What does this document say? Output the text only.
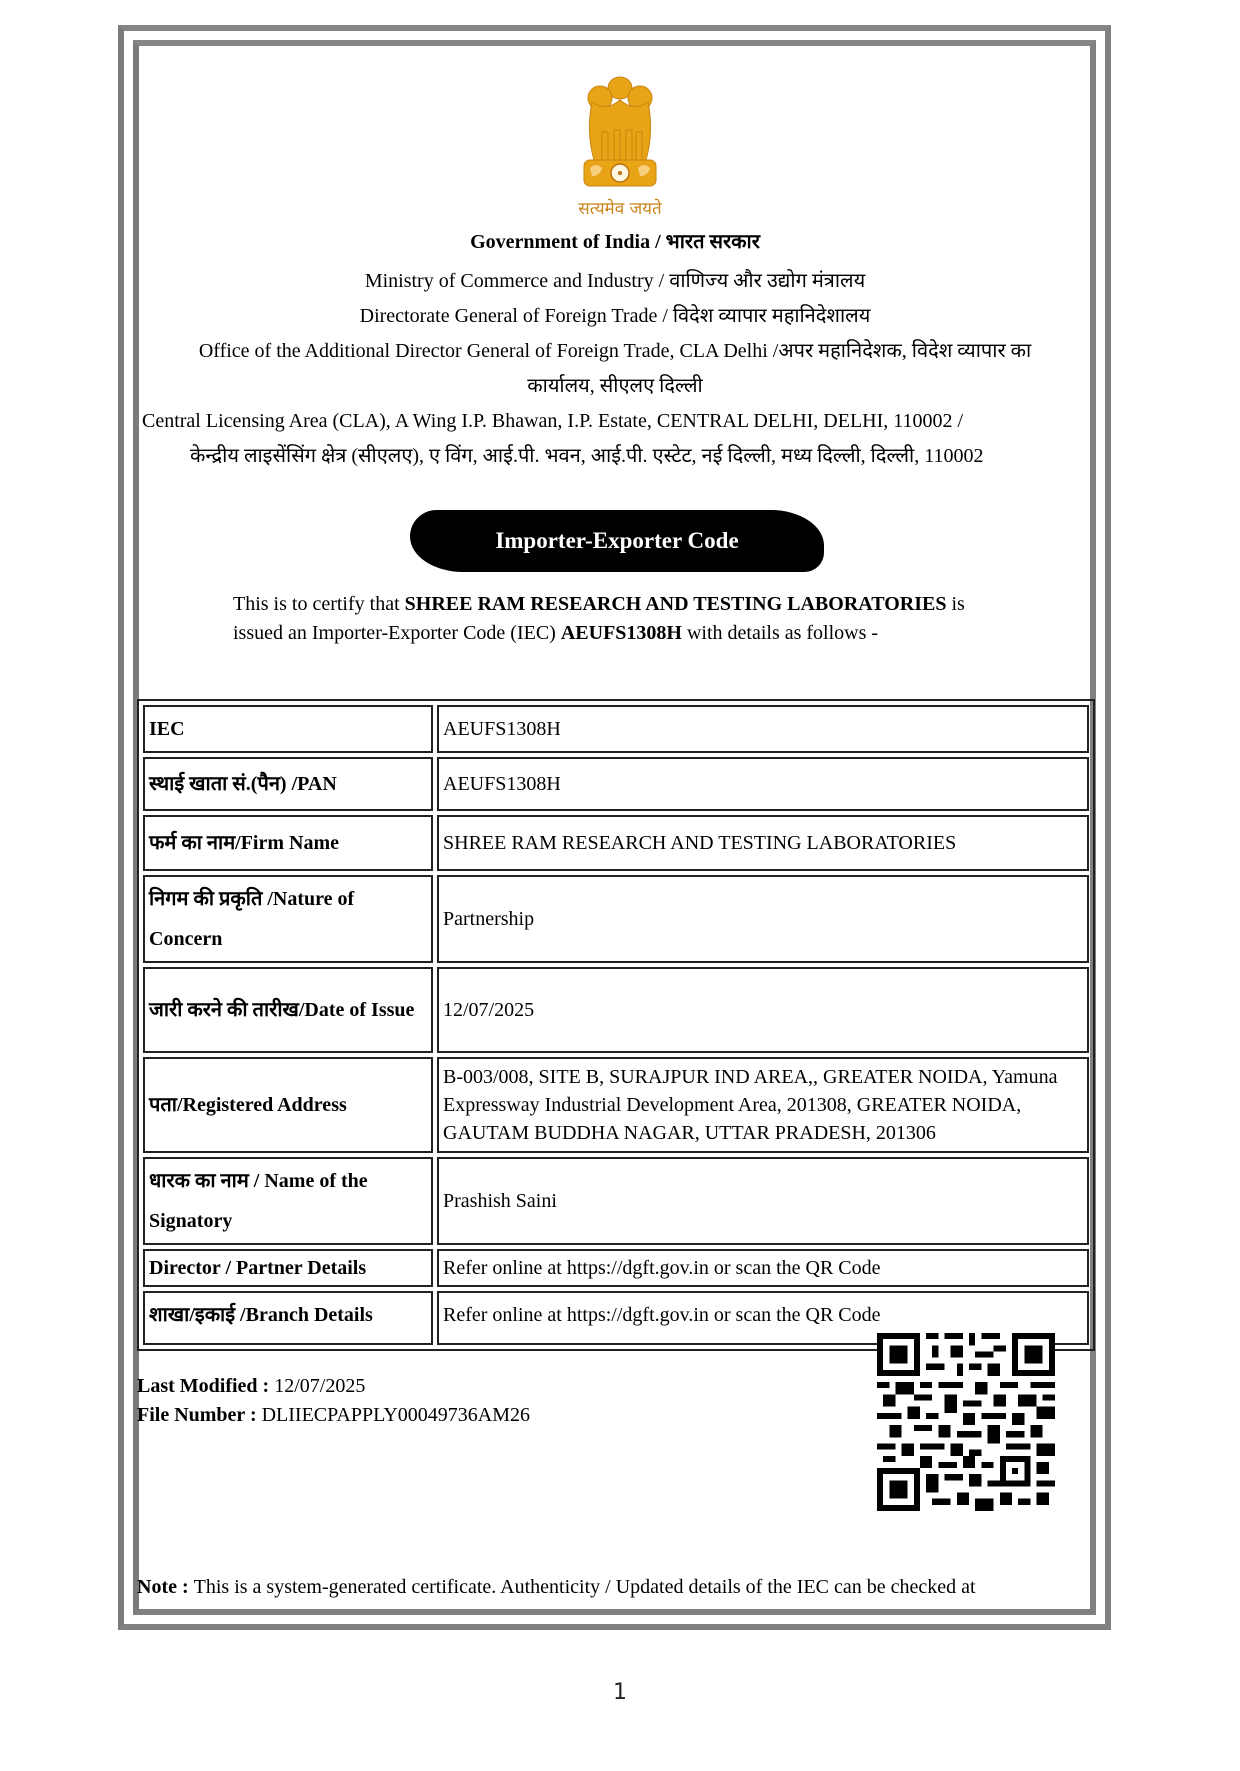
सत्यमेव जयते
Government of India / भारत सरकार
Ministry of Commerce and Industry / वाणिज्य और उद्योग मंत्रालय
Directorate General of Foreign Trade / विदेश व्यापार महानिदेशालय
Office of the Additional Director General of Foreign Trade, CLA Delhi /अपर महानिदेशक, विदेश व्यापार का
कार्यालय, सीएलए दिल्ली
Central Licensing Area (CLA), A Wing I.P. Bhawan, I.P. Estate, CENTRAL DELHI, DELHI, 110002 /
केन्द्रीय लाइसेंसिंग क्षेत्र (सीएलए), ए विंग, आई.पी. भवन, आई.पी. एस्टेट, नई दिल्ली, मध्य दिल्ली, दिल्ली, 110002
Importer-Exporter Code
This is to certify that SHREE RAM RESEARCH AND TESTING LABORATORIES is issued an Importer-Exporter Code (IEC) AEUFS1308H with details as follows -
IEC	AEUFS1308H
स्थाई खाता सं.(पैन) /PAN	AEUFS1308H
फर्म का नाम/Firm Name	SHREE RAM RESEARCH AND TESTING LABORATORIES
निगम की प्रकृति /Nature of Concern	Partnership
जारी करने की तारीख/Date of Issue	12/07/2025
पता/Registered Address	B-003/008, SITE B, SURAJPUR IND AREA,, GREATER NOIDA, Yamuna Expressway Industrial Development Area, 201308, GREATER NOIDA, GAUTAM BUDDHA NAGAR, UTTAR PRADESH, 201306
धारक का नाम / Name of the Signatory	Prashish Saini
Director / Partner Details	Refer online at https://dgft.gov.in or scan the QR Code
शाखा/इकाई /Branch Details	Refer online at https://dgft.gov.in or scan the QR Code
Last Modified : 12/07/2025
File Number : DLIIECPAPPLY00049736AM26
Note : This is a system-generated certificate. Authenticity / Updated details of the IEC can be checked at
1
